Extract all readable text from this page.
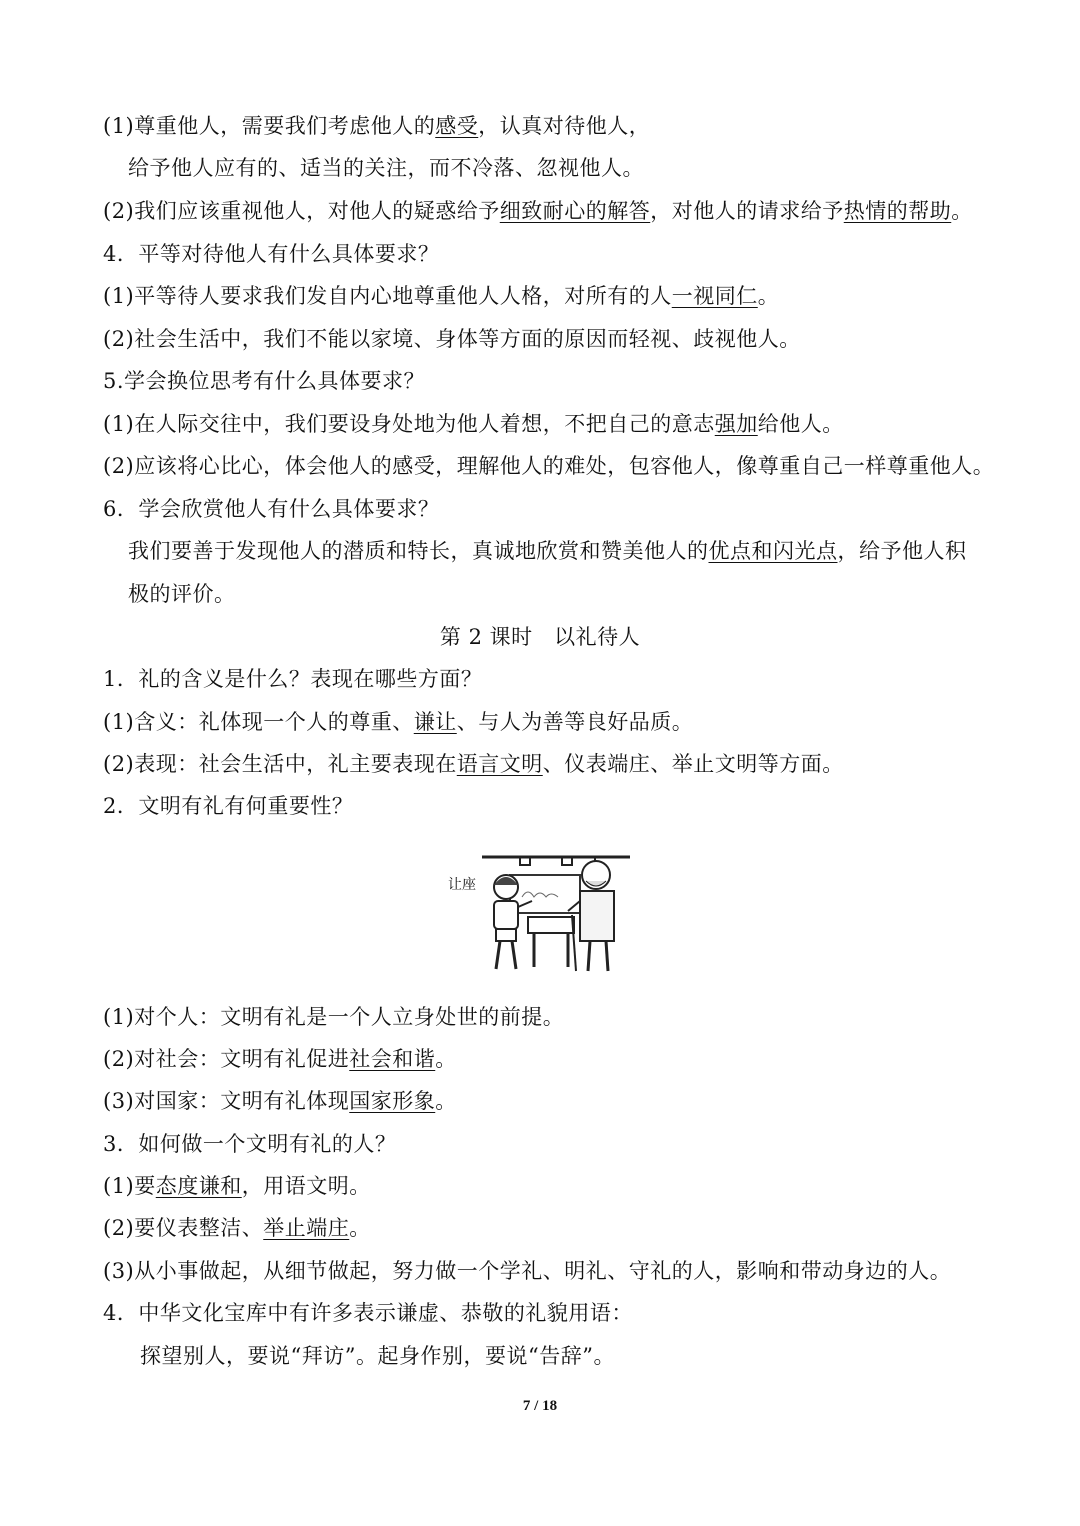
(1)尊重他人，需要我们考虑他人的感受，认真对待他人，
给予他人应有的、适当的关注，而不冷落、忽视他人。
(2)我们应该重视他人，对他人的疑惑给予细致耐心的解答，对他人的请求给予热情的帮助。
4．平等对待他人有什么具体要求？
(1)平等待人要求我们发自内心地尊重他人人格，对所有的人一视同仁。
(2)社会生活中，我们不能以家境、身体等方面的原因而轻视、歧视他人。
5.学会换位思考有什么具体要求？
(1)在人际交往中，我们要设身处地为他人着想，不把自己的意志强加给他人。
(2)应该将心比心，体会他人的感受，理解他人的难处，包容他人，像尊重自己一样尊重他人。
6．学会欣赏他人有什么具体要求？
我们要善于发现他人的潜质和特长，真诚地欣赏和赞美他人的优点和闪光点，给予他人积
极的评价。
第 2 课时　以礼待人
1．礼的含义是什么？表现在哪些方面？
(1)含义：礼体现一个人的尊重、谦让、与人为善等良好品质。
(2)表现：社会生活中，礼主要表现在语言文明、仪表端庄、举止文明等方面。
2．文明有礼有何重要性？
(1)对个人：文明有礼是一个人立身处世的前提。
(2)对社会：文明有礼促进社会和谐。
(3)对国家：文明有礼体现国家形象。
3．如何做一个文明有礼的人？
(1)要态度谦和，用语文明。
(2)要仪表整洁、举止端庄。
(3)从小事做起，从细节做起，努力做一个学礼、明礼、守礼的人，影响和带动身边的人。
4．中华文化宝库中有许多表示谦虚、恭敬的礼貌用语：
探望别人，要说“拜访”。起身作别，要说“告辞”。
让座
7 / 18
